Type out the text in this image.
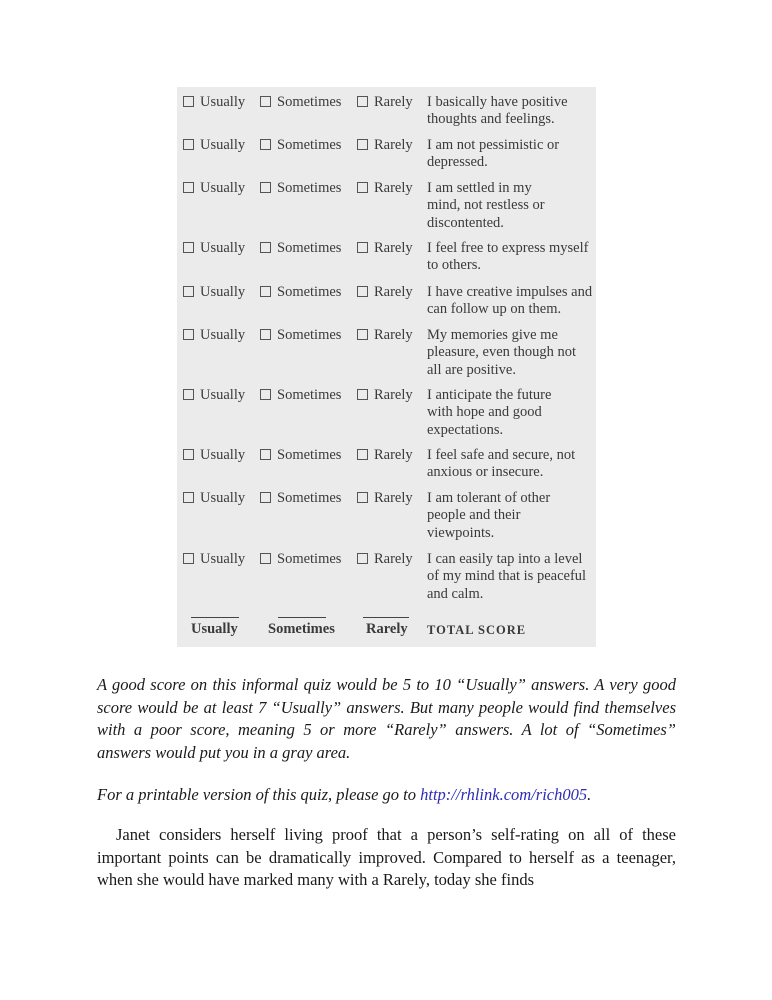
Usually	Sometimes	Rarely I basically have positive thoughts and feelings.
Usually	Sometimes	Rarely I am not pessimistic or depressed.
Usually	Sometimes	Rarely I am settled in my mind, not restless or discontented.
Usually	Sometimes	Rarely I feel free to express myself to others.
Usually	Sometimes	Rarely I have creative impulses and can follow up on them.
Usually	Sometimes	Rarely My memories give me pleasure, even though not all are positive.
Usually	Sometimes	Rarely I anticipate the future with hope and good expectations.
Usually	Sometimes	Rarely I feel safe and secure, not anxious or insecure.
Usually	Sometimes	Rarely I am tolerant of other people and their viewpoints.
Usually	Sometimes	Rarely I can easily tap into a level of my mind that is peaceful and calm.
Usually Sometimes Rarely TOTAL SCORE
A good score on this informal quiz would be 5 to 10 “Usually” answers. A very good score would be at least 7 “Usually” answers. But many people would find themselves with a poor score, meaning 5 or more “Rarely” answers. A lot of “Sometimes” answers would put you in a gray area.
For a printable version of this quiz, please go to http://rhlink.com/rich005.

Janet considers herself living proof that a person’s self-rating on all of these important points can be dramatically improved. Compared to herself as a teenager, when she would have marked many with a Rarely, today she finds
